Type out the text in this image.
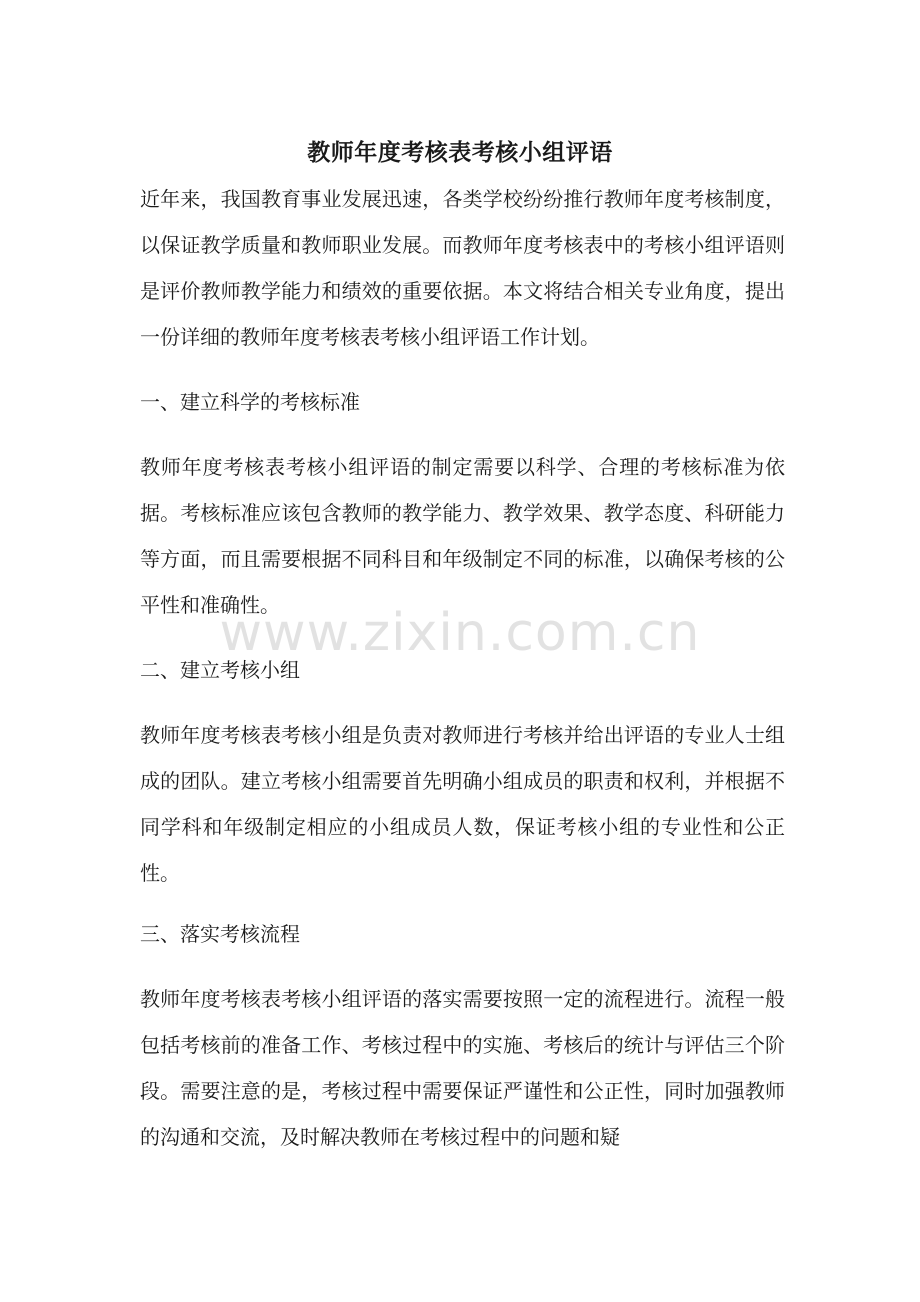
教师年度考核表考核小组评语

近年来，我国教育事业发展迅速，各类学校纷纷推行教师年度考核制度，以保证教学质量和教师职业发展。而教师年度考核表中的考核小组评语则是评价教师教学能力和绩效的重要依据。本文将结合相关专业角度，提出一份详细的教师年度考核表考核小组评语工作计划。

一、建立科学的考核标准

教师年度考核表考核小组评语的制定需要以科学、合理的考核标准为依据。考核标准应该包含教师的教学能力、教学效果、教学态度、科研能力等方面，而且需要根据不同科目和年级制定不同的标准，以确保考核的公平性和准确性。

二、建立考核小组

教师年度考核表考核小组是负责对教师进行考核并给出评语的专业人士组成的团队。建立考核小组需要首先明确小组成员的职责和权利，并根据不同学科和年级制定相应的小组成员人数，保证考核小组的专业性和公正性。

三、落实考核流程

教师年度考核表考核小组评语的落实需要按照一定的流程进行。流程一般包括考核前的准备工作、考核过程中的实施、考核后的统计与评估三个阶段。需要注意的是，考核过程中需要保证严谨性和公正性，同时加强教师的沟通和交流，及时解决教师在考核过程中的问题和疑

www.zixin.com.cn
